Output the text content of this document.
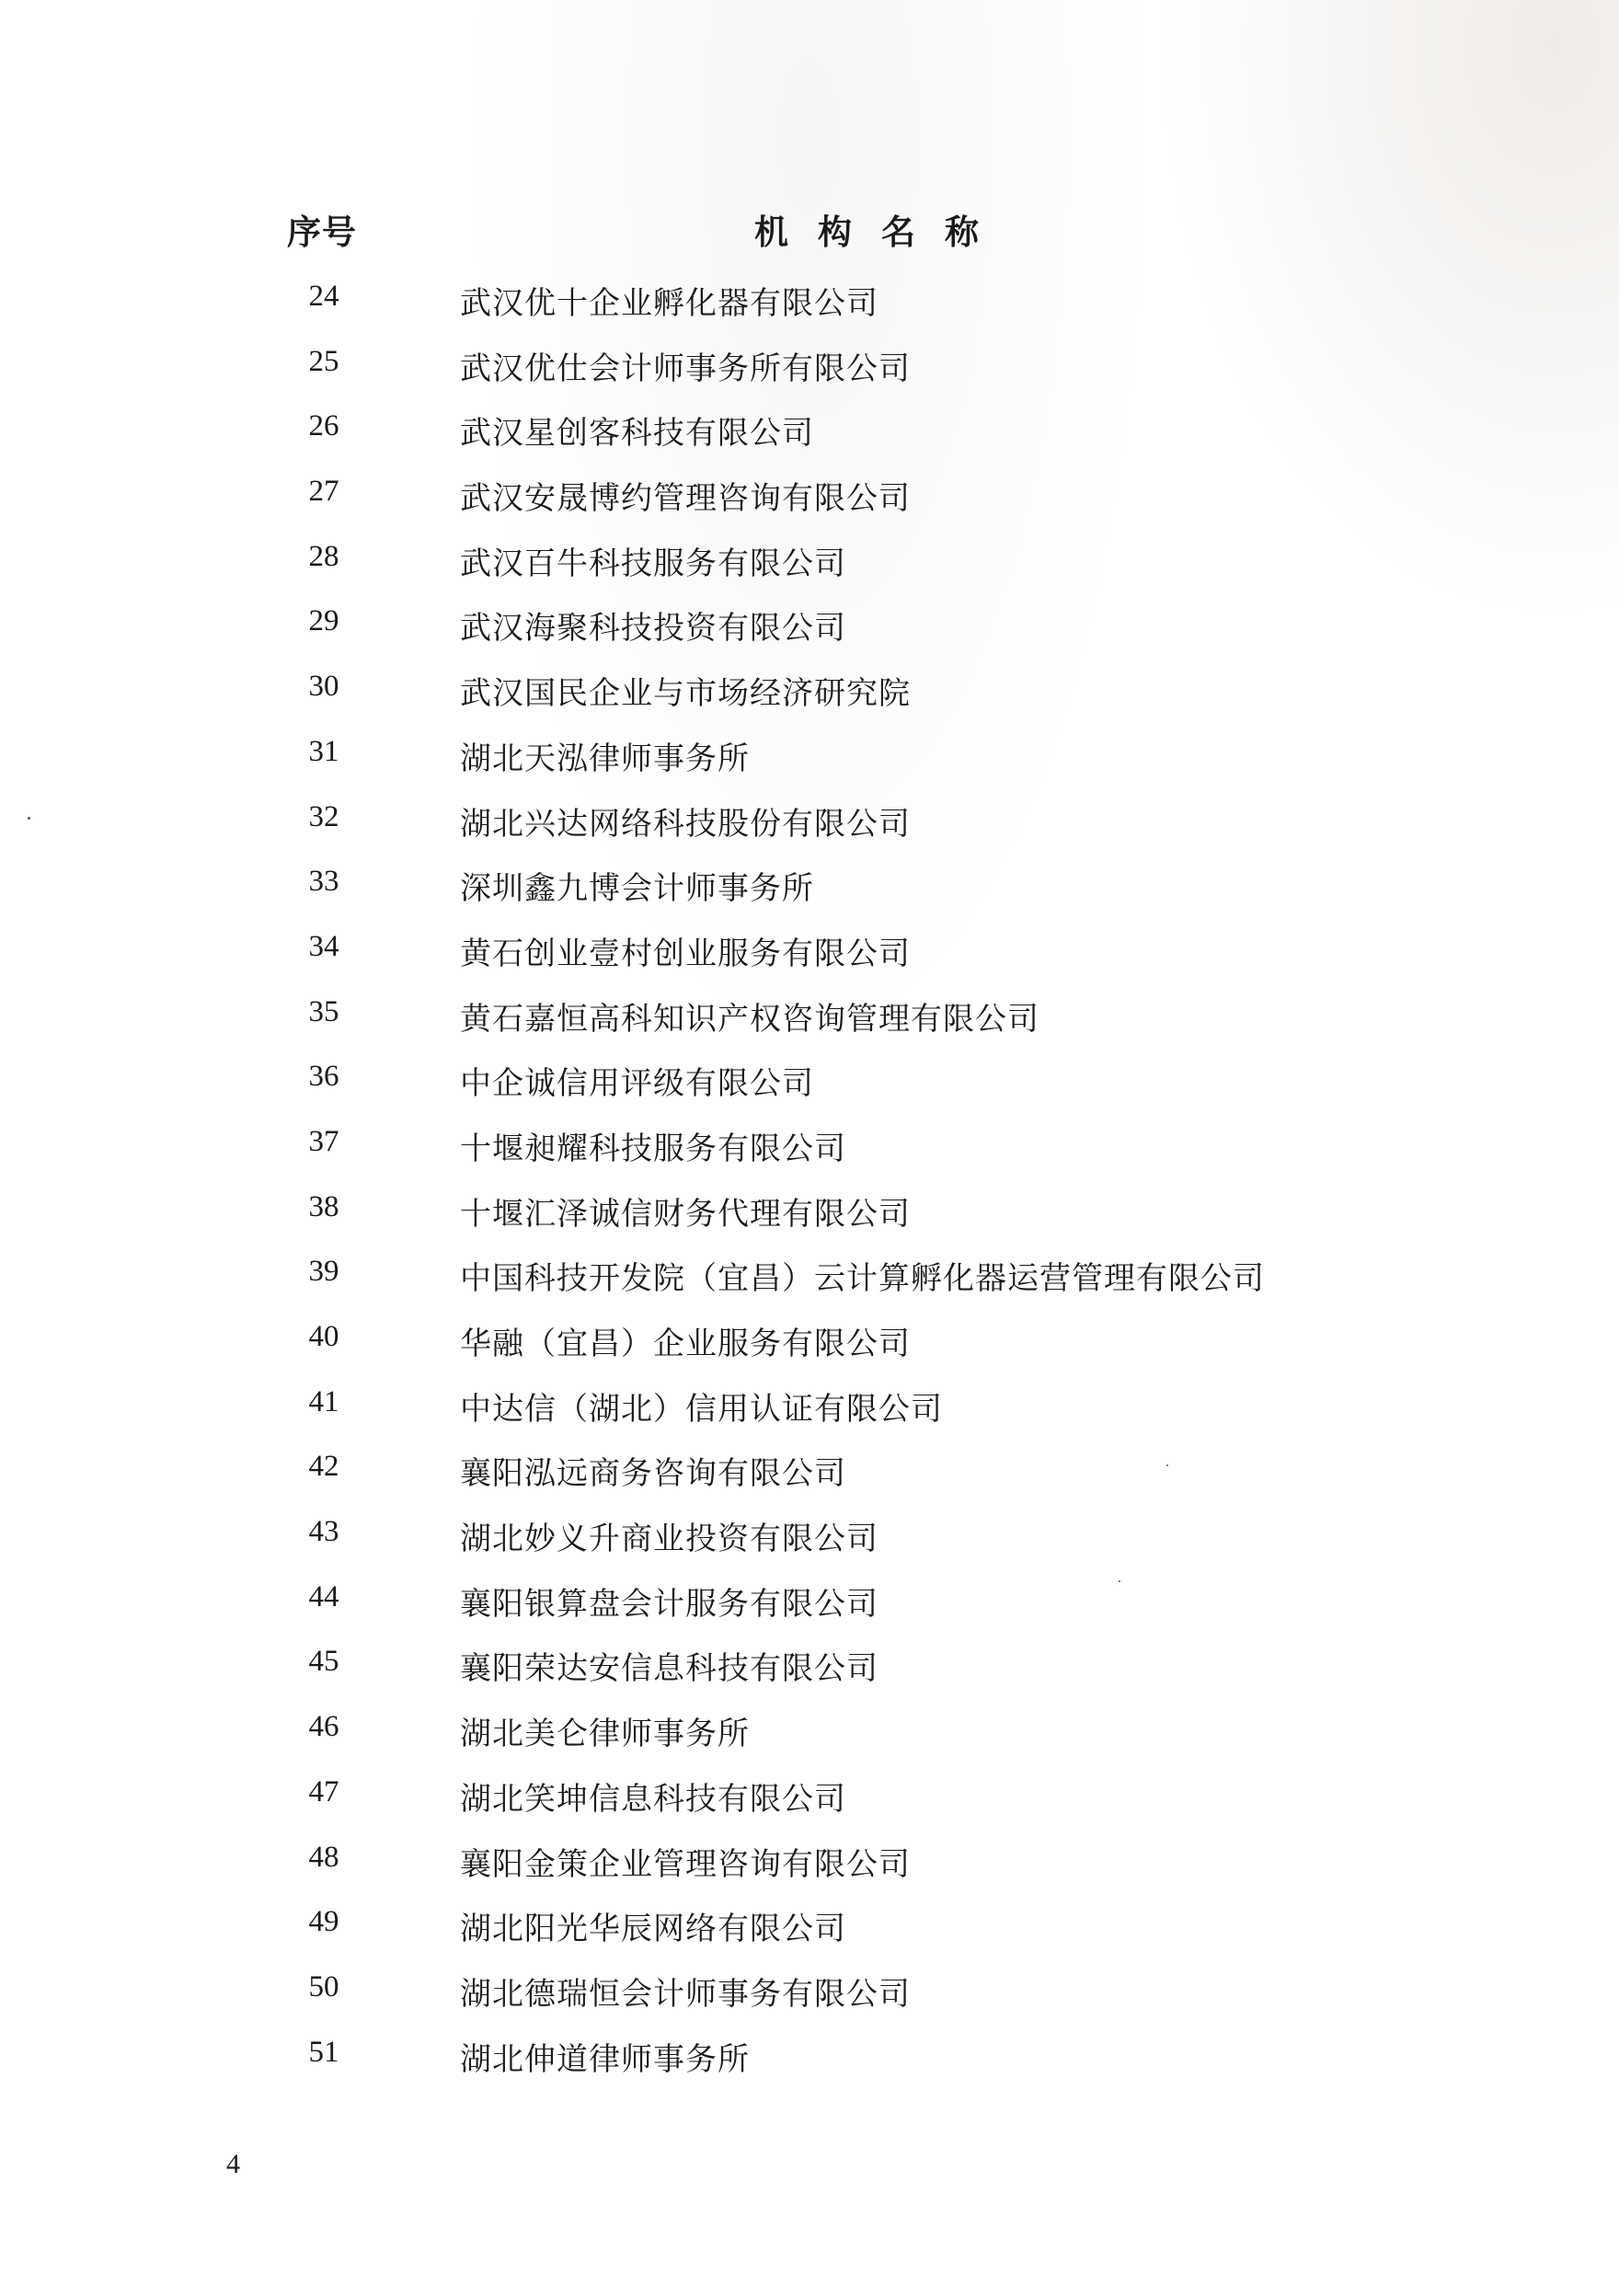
序号	机构名称
24	武汉优十企业孵化器有限公司
25	武汉优仕会计师事务所有限公司
26	武汉星创客科技有限公司
27	武汉安晟博约管理咨询有限公司
28	武汉百牛科技服务有限公司
29	武汉海聚科技投资有限公司
30	武汉国民企业与市场经济研究院
31	湖北天泓律师事务所
32	湖北兴达网络科技股份有限公司
33	深圳鑫九博会计师事务所
34	黄石创业壹村创业服务有限公司
35	黄石嘉恒高科知识产权咨询管理有限公司
36	中企诚信用评级有限公司
37	十堰昶耀科技服务有限公司
38	十堰汇泽诚信财务代理有限公司
39	中国科技开发院（宜昌）云计算孵化器运营管理有限公司
40	华融（宜昌）企业服务有限公司
41	中达信（湖北）信用认证有限公司
42	襄阳泓远商务咨询有限公司
43	湖北妙义升商业投资有限公司
44	襄阳银算盘会计服务有限公司
45	襄阳荣达安信息科技有限公司
46	湖北美仑律师事务所
47	湖北笑坤信息科技有限公司
48	襄阳金策企业管理咨询有限公司
49	湖北阳光华辰网络有限公司
50	湖北德瑞恒会计师事务有限公司
51	湖北伸道律师事务所
4
